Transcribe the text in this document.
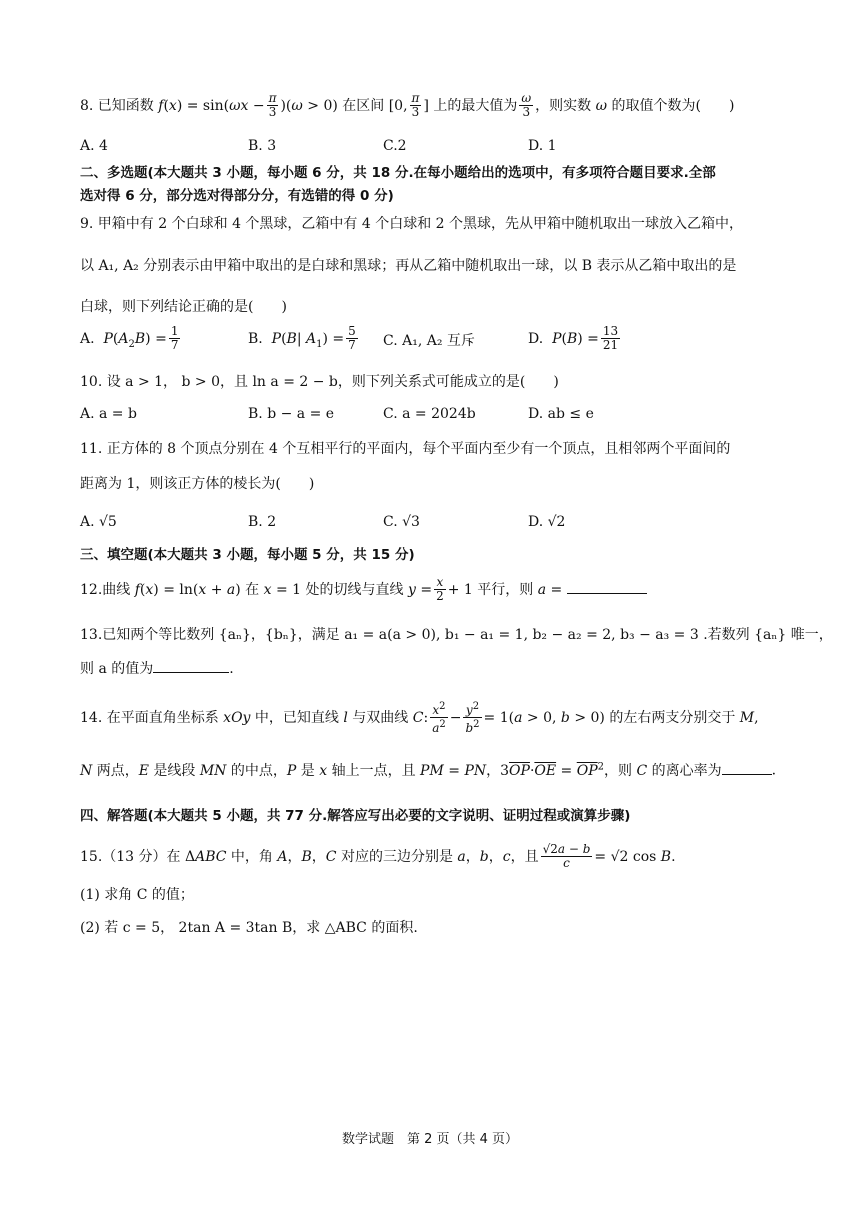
8. 已知函数 $f(x) = \sin(\omega x - \frac{\pi}{3} )(\omega > 0)$ 在区间 [0, $\frac{\pi}{3}$ ] 上的最大值为 $\frac{\omega}{3}$ ，则实数 ω 的取值个数为(　　)
A. 4	B. 3	C.2	D. 1
二、多选题(本大题共 3 小题，每小题 6 分，共 18 分.在每小题给出的选项中，有多项符合题目要求.全部
选对得 6 分，部分选对得部分分，有选错的得 0 分)
9. 甲箱中有 2 个白球和 4 个黑球，乙箱中有 4 个白球和 2 个黑球，先从甲箱中随机取出一球放入乙箱中，
以 A₁, A₂ 分别表示由甲箱中取出的是白球和黑球；再从乙箱中随机取出一球，以 B 表示从乙箱中取出的是
白球，则下列结论正确的是(　　)
A.  $P(A_2B) = \frac{1}{7}$	B.  P(B| $A_1) = \frac{5}{7} C$. A₁, A₂ 互斥	D.  $P(B) = \frac{13}{21}$
10. 设 a > 1， b > 0，且 ln a = 2 − b，则下列关系式可能成立的是(　　)
A. a = b	B. b − a = e	C. a = 2024b	D. ab ≤ e
11. 正方体的 8 个顶点分别在 4 个互相平行的平面内，每个平面内至少有一个顶点，且相邻两个平面间的
距离为 1，则该正方体的棱长为(　　)
A. √5	B. 2	C. √3	D. √2
三、填空题(本大题共 3 小题，每小题 5 分，共 15 分)
12.曲线 f(x) = ln(x + a) 在 x = 1 处的切线与直线 $y = \frac{x}{2} + 1$ 平行，则 a =
13.已知两个等比数列 {aₙ}，{bₙ}，满足 a₁ = a(a > 0), b₁ − a₁ = 1, b₂ − a₂ = 2, b₃ − a₃ = 3 .若数列 {aₙ} 唯一，
则 a 的值为	.
14. 在平面直角坐标系 xOy 中，已知直线 l 与双曲线 C: $\frac{x^2}{a^2} - \frac{y^2}{b^2} = 1(a > 0$, b > 0) 的左右两支分别交于 M,
N 两点，E 是线段 MN 的中点，P 是 x 轴上一点，且 PM = PN，$3\overline{OP}\cdot\overline{OE} = \overline{OP}^2$，则 C 的离心率为	.
四、解答题(本大题共 5 小题，共 77 分.解答应写出必要的文字说明、证明过程或演算步骤)
15.（13 分）在 ΔABC 中，角 A，B，C 对应的三边分别是 a，b，c，且 $\frac{√2a - b}{c} = √2$ cos B.
(1) 求角 C 的值；
(2) 若 c = 5， 2tan A = 3tan B，求 △ABC 的面积.
数学试题　第 2 页（共 4 页）
